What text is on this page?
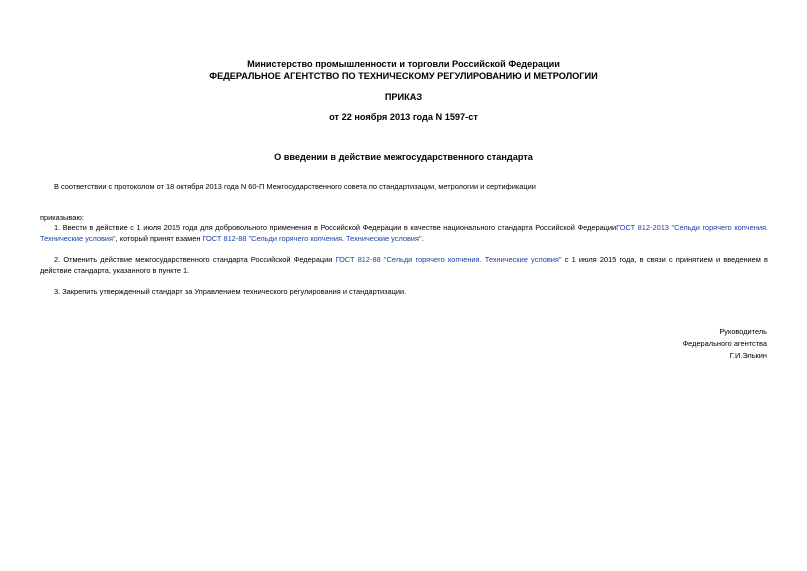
Министерство промышленности и торговли Российской Федерации
ФЕДЕРАЛЬНОЕ АГЕНТСТВО ПО ТЕХНИЧЕСКОМУ РЕГУЛИРОВАНИЮ И МЕТРОЛОГИИ
ПРИКАЗ
от 22 ноября 2013 года N 1597-ст
О введении в действие межгосударственного стандарта
В соответствии с протоколом от 18 октября 2013 года N 60-П Межгосударственного совета по стандартизации, метрологии и сертификации
приказываю:
1. Ввести в действие с 1 июля 2015 года для добровольного применения в Российской Федерации в качестве национального стандарта Российской ФедерацииГОСТ 812-2013 "Сельди горячего копчения. Технические условия", который принят взамен ГОСТ 812-88 "Сельди горячего копчения. Технические условия".
2. Отменить действие межгосударственного стандарта Российской Федерации ГОСТ 812-88 "Сельди горячего копчения. Технические условия" с 1 июля 2015 года, в связи с принятием и введением в действие стандарта, указанного в пункте 1.
3. Закрепить утвержденный стандарт за Управлением технического регулирования и стандартизации.
Руководитель
Федерального агентства
Г.И.Элькин
